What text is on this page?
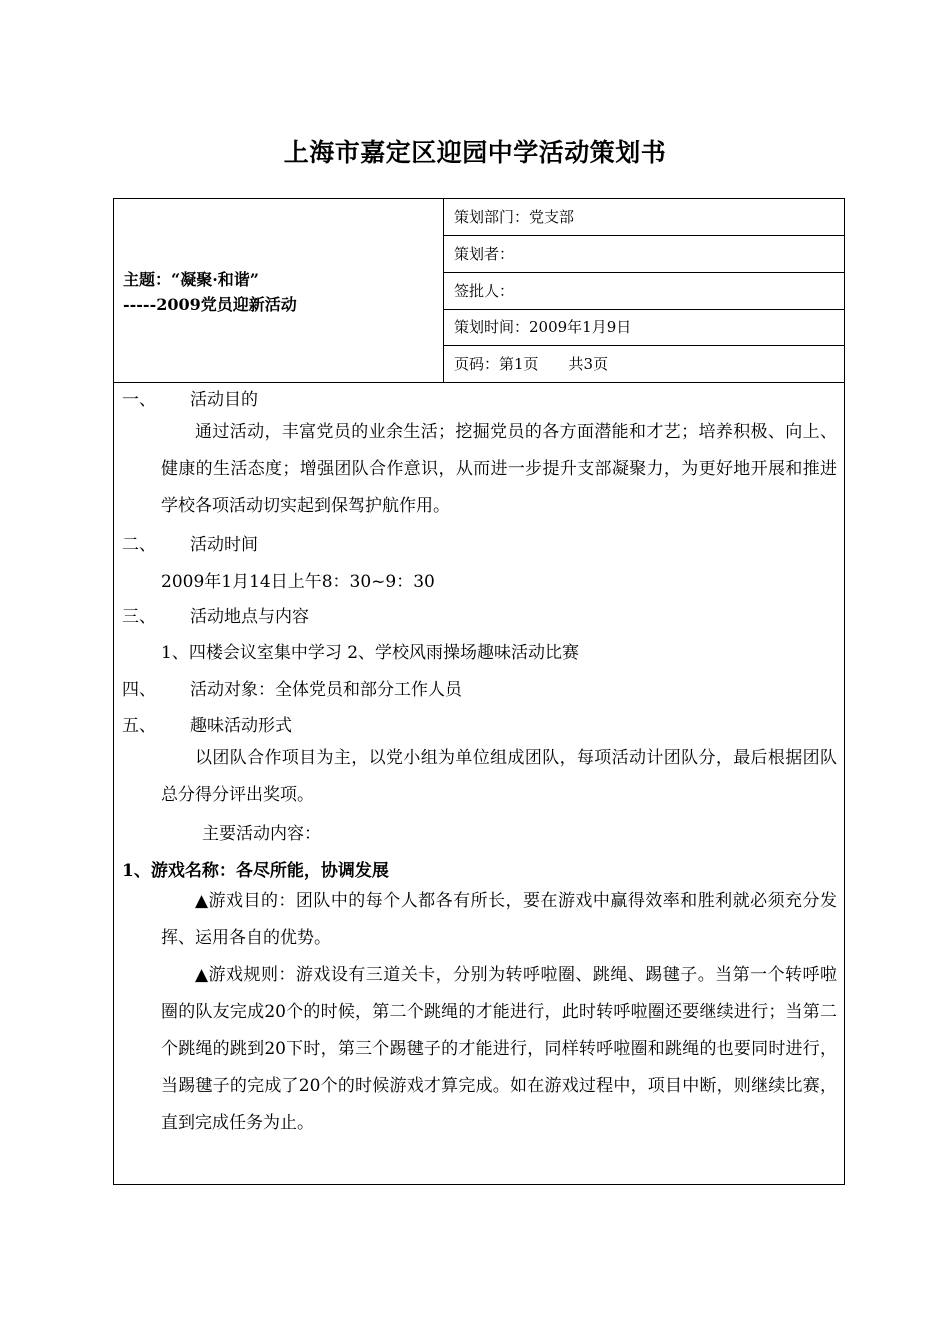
上海市嘉定区迎园中学活动策划书
主题：“凝聚·和谐”
-----2009党员迎新活动
策划部门：党支部
策划者：
签批人：
策划时间：2009年1月9日
页码：第1页　　共3页
一、 活动目的
通过活动，丰富党员的业余生活；挖掘党员的各方面潜能和才艺；培养积极、向上、健康的生活态度；增强团队合作意识，从而进一步提升支部凝聚力，为更好地开展和推进学校各项活动切实起到保驾护航作用。
二、 活动时间
2009年1月14日上午8：30~9：30
三、 活动地点与内容
1、四楼会议室集中学习 2、学校风雨操场趣味活动比赛
四、 活动对象：全体党员和部分工作人员
五、 趣味活动形式
以团队合作项目为主，以党小组为单位组成团队，每项活动计团队分，最后根据团队总分得分评出奖项。
主要活动内容：
1、游戏名称：各尽所能，协调发展
▲游戏目的：团队中的每个人都各有所长，要在游戏中赢得效率和胜利就必须充分发挥、运用各自的优势。
▲游戏规则：游戏设有三道关卡，分别为转呼啦圈、跳绳、踢毽子。当第一个转呼啦圈的队友完成20个的时候，第二个跳绳的才能进行，此时转呼啦圈还要继续进行；当第二个跳绳的跳到20下时，第三个踢毽子的才能进行，同样转呼啦圈和跳绳的也要同时进行，当踢毽子的完成了20个的时候游戏才算完成。如在游戏过程中，项目中断，则继续比赛，直到完成任务为止。
